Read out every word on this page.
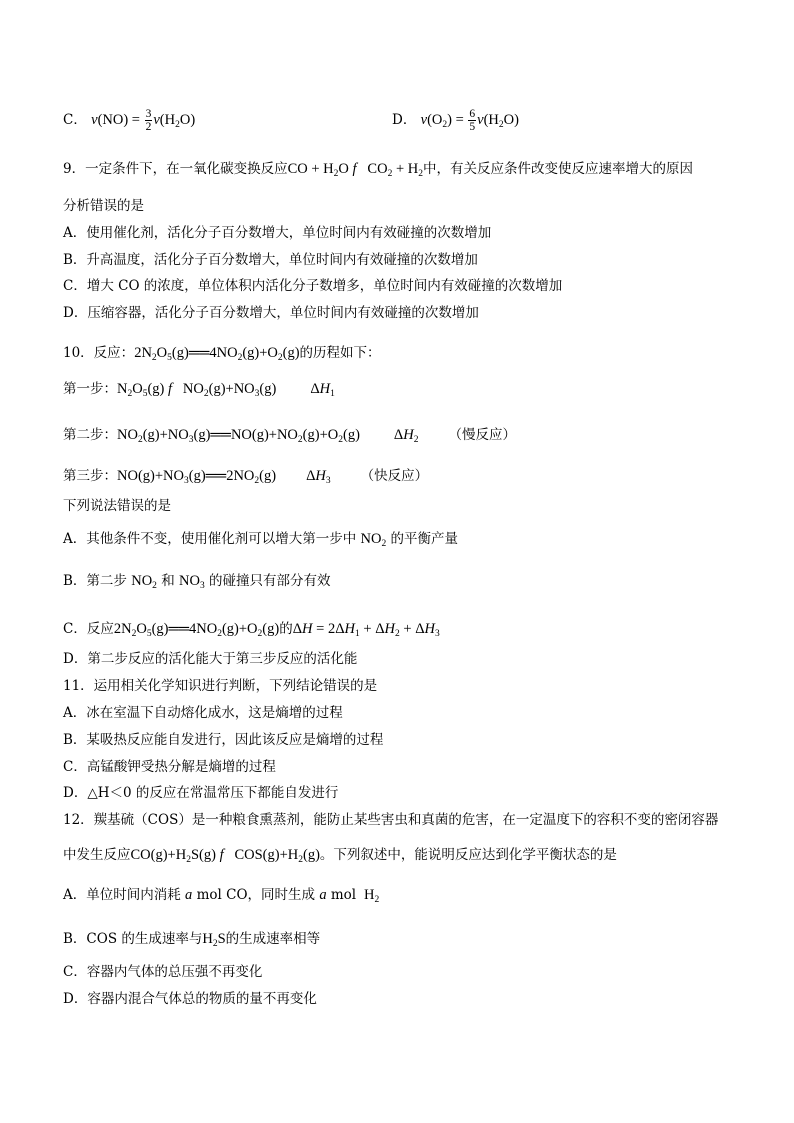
C． $v(NO) = \frac{3}{2} v(H_2O)$	D． $v(O_2) = \frac{6}{5} v(H_2O)$
9．一定条件下，在一氧化碳变换反应CO + $H_2O$ f   $CO_2 + H_2$中，有关反应条件改变使反应速率增大的原因
分析错误的是
A．使用催化剂，活化分子百分数增大，单位时间内有效碰撞的次数增加
B．升高温度，活化分子百分数增大，单位时间内有效碰撞的次数增加
C．增大 CO 的浓度，单位体积内活化分子数增多，单位时间内有效碰撞的次数增加
D．压缩容器，活化分子百分数增大，单位时间内有效碰撞的次数增加
10．反应：$2N_2O_5(g)══4NO_2(g)+O_2(g)$的历程如下：
第一步：$N_2O_5(g)$ f   $NO_2(g)+NO_3(g)$ $\Delta H_1$
第二步：$NO_2(g)+NO_3(g)══NO(g)+NO_2(g)+O_2(g)$ $\Delta H_2$ （慢反应）
第三步：$NO(g)+NO_3(g)══2NO_2(g)$ $\Delta H_3$ （快反应）
下列说法错误的是
A．其他条件不变，使用催化剂可以增大第一步中 $NO_2$ 的平衡产量
B．第二步 $NO_2$ 和 $NO_3$ 的碰撞只有部分有效
C．反应$2N_2O_5(g)══4NO_2(g)+O_2(g)$的$\Delta H = 2\Delta H_1 + \Delta H_2 + \Delta H_3$
D．第二步反应的活化能大于第三步反应的活化能
11．运用相关化学知识进行判断，下列结论错误的是
A．冰在室温下自动熔化成水，这是熵增的过程
B．某吸热反应能自发进行，因此该反应是熵增的过程
C．高锰酸钾受热分解是熵增的过程
D．△H＜0 的反应在常温常压下都能自发进行
12．羰基硫（COS）是一种粮食熏蒸剂，能防止某些害虫和真菌的危害，在一定温度下的容积不变的密闭容器
中发生反应$CO(g)+H_2S(g)$ f   $COS(g)+H_2(g)$。下列叙述中，能说明反应达到化学平衡状态的是
A．单位时间内消耗 a mol CO，同时生成 a mol  $H_2$
B．COS 的生成速率与$H_2S$的生成速率相等
C．容器内气体的总压强不再变化
D．容器内混合气体总的物质的量不再变化
